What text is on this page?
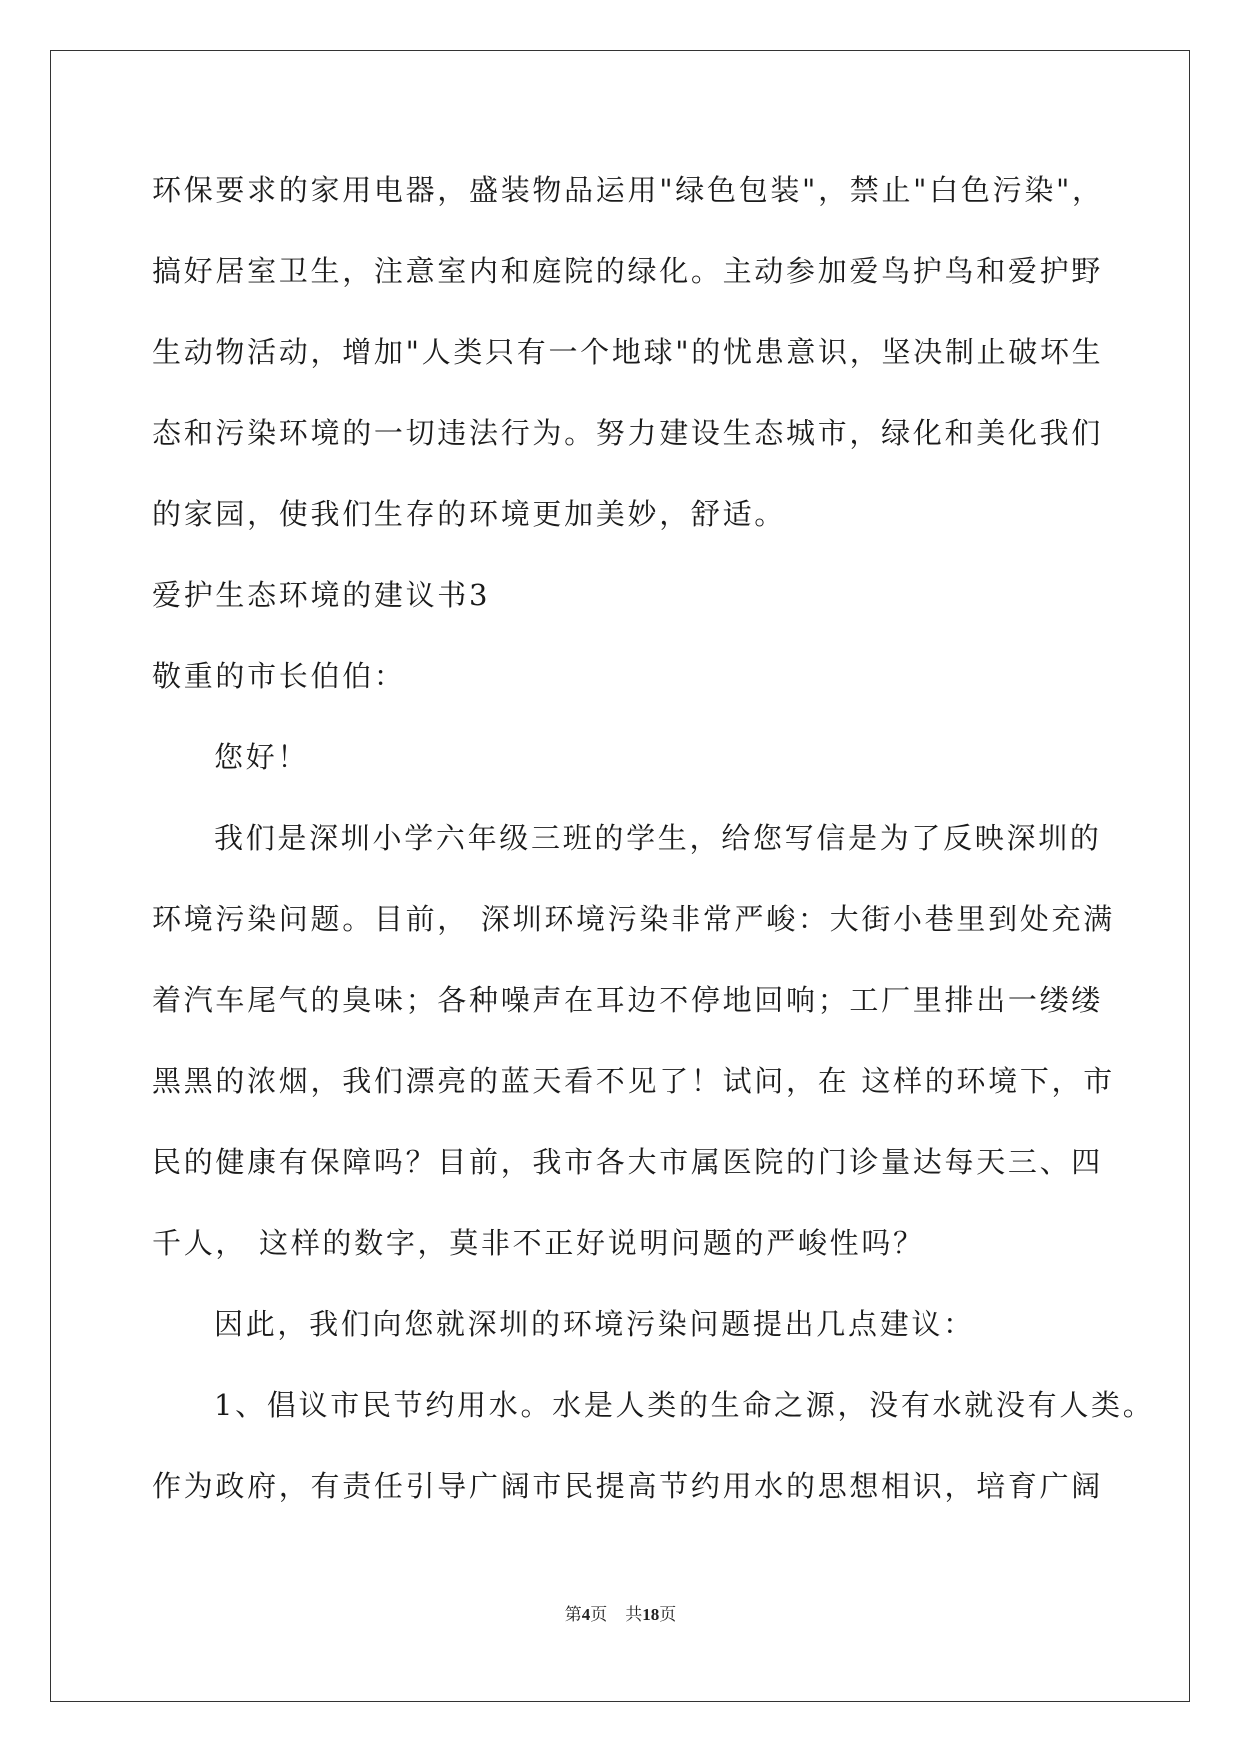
环保要求的家用电器，盛装物品运用"绿色包装"，禁止"白色污染"，
搞好居室卫生，注意室内和庭院的绿化。主动参加爱鸟护鸟和爱护野
生动物活动，增加"人类只有一个地球"的忧患意识，坚决制止破坏生
态和污染环境的一切违法行为。努力建设生态城市，绿化和美化我们
的家园，使我们生存的环境更加美妙，舒适。
爱护生态环境的建议书3
敬重的市长伯伯：
您好！
我们是深圳小学六年级三班的学生，给您写信是为了反映深圳的
环境污染问题。目前， 深圳环境污染非常严峻：大街小巷里到处充满
着汽车尾气的臭味；各种噪声在耳边不停地回响；工厂里排出一缕缕
黑黑的浓烟，我们漂亮的蓝天看不见了！试问，在 这样的环境下，市
民的健康有保障吗？目前，我市各大市属医院的门诊量达每天三、四
千人， 这样的数字，莫非不正好说明问题的严峻性吗？
因此，我们向您就深圳的环境污染问题提出几点建议：
1、倡议市民节约用水。水是人类的生命之源，没有水就没有人类。
作为政府，有责任引导广阔市民提高节约用水的思想相识，培育广阔
第4页 共18页
